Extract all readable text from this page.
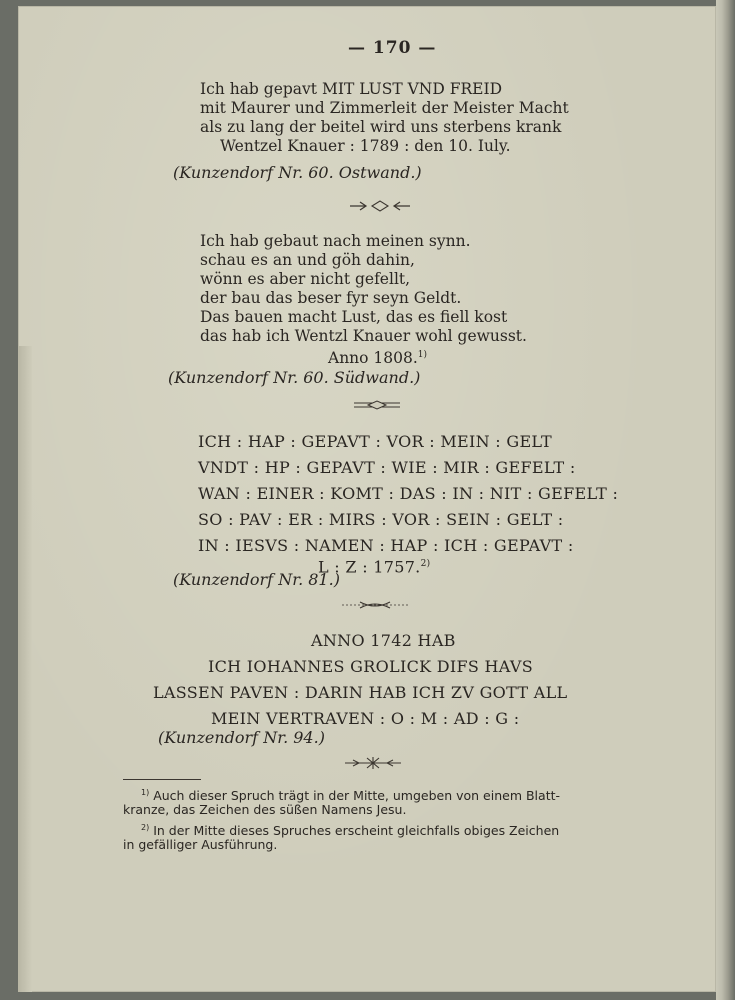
— 170 —
Ich hab gepavt MIT LUST VND FREID
mit Maurer und Zimmerleit der Meister Macht
als zu lang der beitel wird uns sterbens krank
Wentzel Knauer : 1789 : den 10. Iuly.
(Kunzendorf Nr. 60. Ostwand.)
Ich hab gebaut nach meinen synn.
schau es an und göh dahin,
wönn es aber nicht gefellt,
der bau das beser fyr seyn Geldt.
Das bauen macht Lust, das es fiell kost
das hab ich Wentzl Knauer wohl gewusst.
Anno 1808.$^{1)}$
(Kunzendorf Nr. 60. Südwand.)
ICH : HAP : GEPAVT : VOR : MEIN : GELT
VNDT : HP : GEPAVT : WIE : MIR : GEFELT :
WAN : EINER : KOMT : DAS : IN : NIT : GEFELT :
SO : PAV : ER : MIRS : VOR : SEIN : GELT :
IN : IESVS : NAMEN : HAP : ICH : GEPAVT :
L : Z : 1757.$^{2)}$
(Kunzendorf Nr. 81.)
ANNO 1742 HAB
ICH IOHANNES GROLICK DIFS HAVS
LASSEN PAVEN : DARIN HAB ICH ZV GOTT ALL
MEIN VERTRAVEN : O : M : AD : G :
(Kunzendorf Nr. 94.)
$^{1)}$ Auch dieser Spruch trägt in der Mitte, umgeben von einem Blatt-
kranze, das Zeichen des süßen Namens Jesu.
$^{2)}$ In der Mitte dieses Spruches erscheint gleichfalls obiges Zeichen
in gefälliger Ausführung.
